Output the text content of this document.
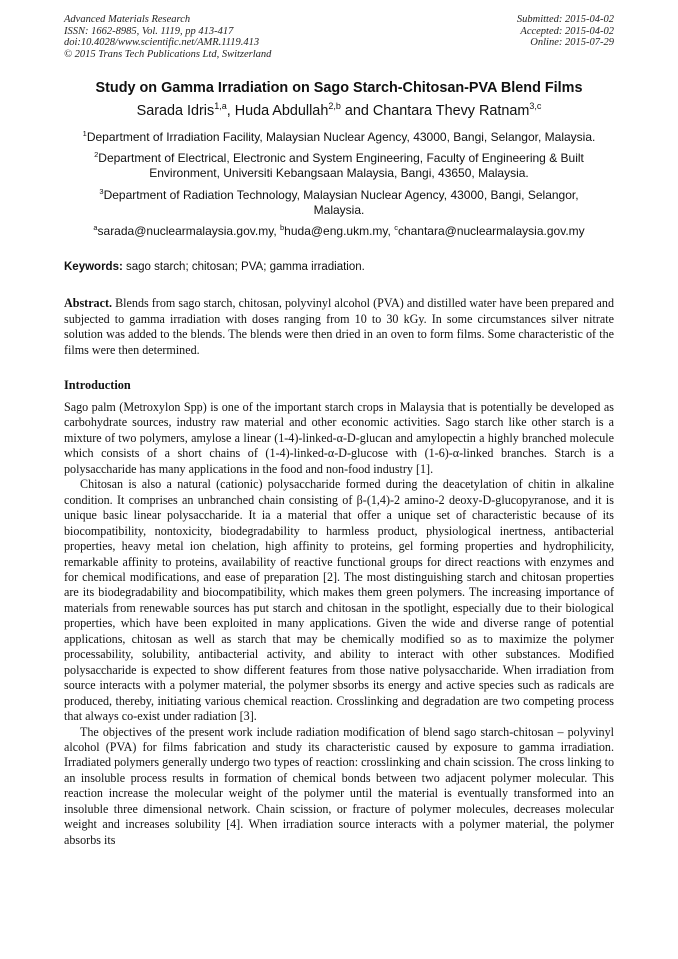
Advanced Materials Research
ISSN: 1662-8985, Vol. 1119, pp 413-417
doi:10.4028/www.scientific.net/AMR.1119.413
© 2015 Trans Tech Publications Ltd, Switzerland
Submitted: 2015-04-02
Accepted: 2015-04-02
Online: 2015-07-29
Study on Gamma Irradiation on Sago Starch-Chitosan-PVA Blend Films
Sarada Idris$^{1,a}$, Huda Abdullah$^{2,b}$ and Chantara Thevy Ratnam$^{3,c}$
$^1$Department of Irradiation Facility, Malaysian Nuclear Agency, 43000, Bangi, Selangor, Malaysia.
$^2$Department of Electrical, Electronic and System Engineering, Faculty of Engineering & Built Environment, Universiti Kebangsaan Malaysia, Bangi, 43650, Malaysia.
$^3$Department of Radiation Technology, Malaysian Nuclear Agency, 43000, Bangi, Selangor, Malaysia.
$^a$sarada@nuclearmalaysia.gov.my, $^b$huda@eng.ukm.my, $^c$chantara@nuclearmalaysia.gov.my
Keywords: sago starch; chitosan; PVA; gamma irradiation.
Abstract. Blends from sago starch, chitosan, polyvinyl alcohol (PVA) and distilled water have been prepared and subjected to gamma irradiation with doses ranging from 10 to 30 kGy. In some circumstances silver nitrate solution was added to the blends. The blends were then dried in an oven to form films. Some characteristic of the films were then determined.
Introduction

Sago palm (Metroxylon Spp) is one of the important starch crops in Malaysia that is potentially be developed as carbohydrate sources, industry raw material and other economic activities. Sago starch like other starch is a mixture of two polymers, amylose a linear (1-4)-linked-α-D-glucan and amylopectin a highly branched molecule which consists of a short chains of (1-4)-linked-α-D-glucose with (1-6)-α-linked branches. Starch is a polysaccharide has many applications in the food and non-food industry [1].

Chitosan is also a natural (cationic) polysaccharide formed during the deacetylation of chitin in alkaline condition. It comprises an unbranched chain consisting of β-(1,4)-2 amino-2 deoxy-D-glucopyranose, and it is unique basic linear polysaccharide. It ia a material that offer a unique set of characteristic because of its biocompatibility, nontoxicity, biodegradability to harmless product, physiological inertness, antibacterial properties, heavy metal ion chelation, high affinity to proteins, gel forming properties and hydrophilicity, remarkable affinity to proteins, availability of reactive functional groups for direct reactions with enzymes and for chemical modifications, and ease of preparation [2]. The most distinguishing starch and chitosan properties are its biodegradability and biocompatibility, which makes them green polymers. The increasing importance of materials from renewable sources has put starch and chitosan in the spotlight, especially due to their biological properties, which have been exploited in many applications. Given the wide and diverse range of potential applications, chitosan as well as starch that may be chemically modified so as to maximize the polymer processability, solubility, antibacterial activity, and ability to interact with other substances. Modified polysaccharide is expected to show different features from those native polysaccharide. When irradiation from source interacts with a polymer material, the polymer sbsorbs its energy and active species such as radicals are produced, thereby, initiating various chemical reaction. Crosslinking and degradation are two competing process that always co-exist under radiation [3].

The objectives of the present work include radiation modification of blend sago starch-chitosan – polyvinyl alcohol (PVA) for films fabrication and study its characteristic caused by exposure to gamma irradiation. Irradiated polymers generally undergo two types of reaction: crosslinking and chain scission. The cross linking to an insoluble process results in formation of chemical bonds between two adjacent polymer molecular. This reaction increase the molecular weight of the polymer until the material is eventually transformed into an insoluble three dimensional network. Chain scission, or fracture of polymer molecules, decreases molecular weight and increases solubility [4]. When irradiation source interacts with a polymer material, the polymer absorbs its
